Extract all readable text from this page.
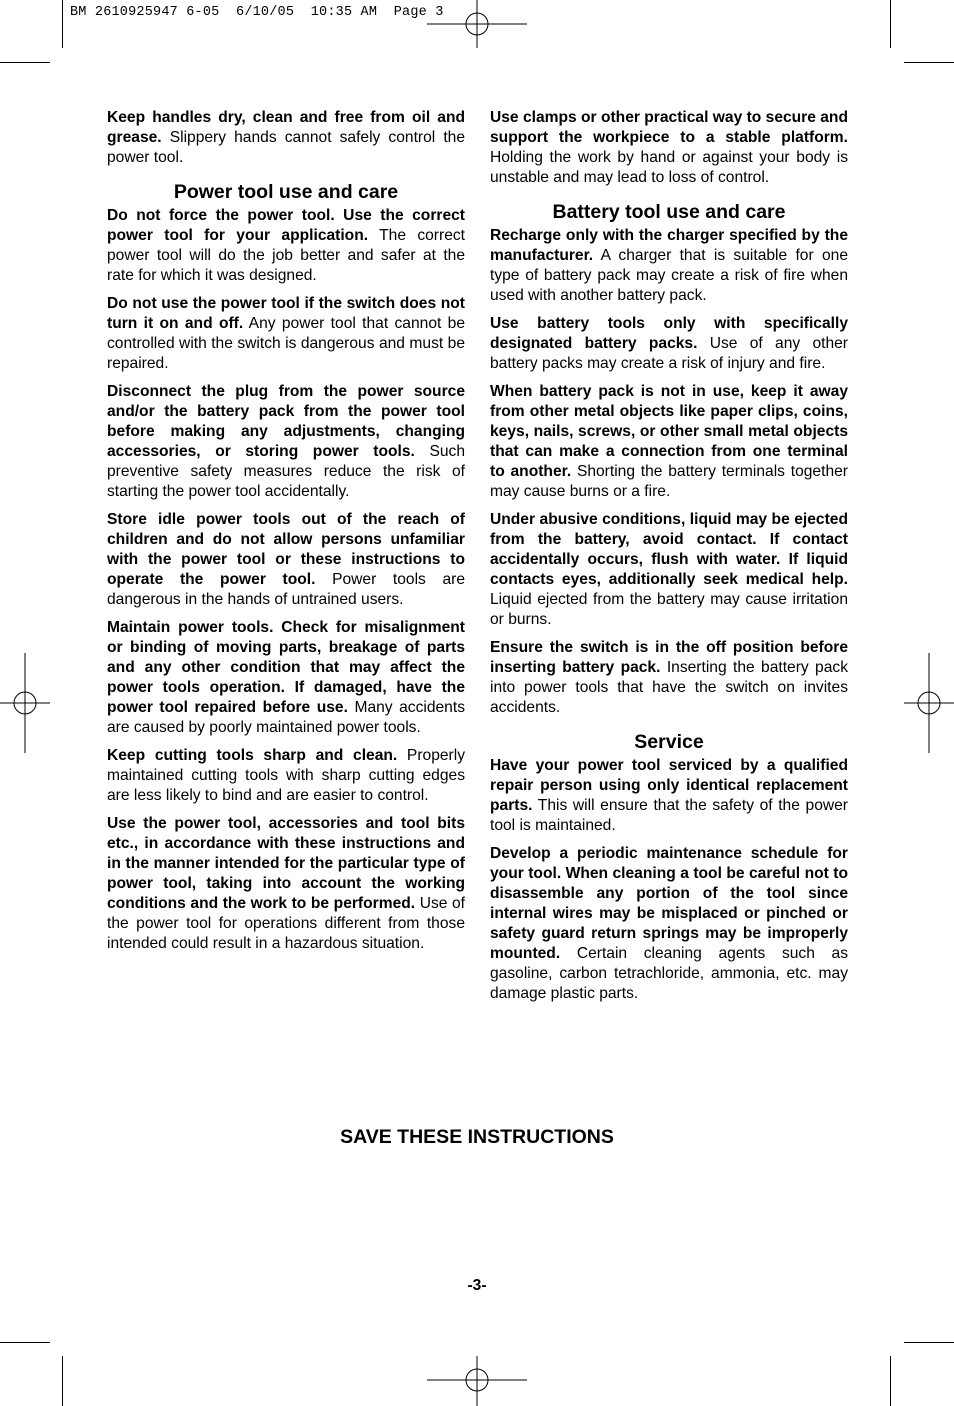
BM 2610925947 6-05  6/10/05  10:35 AM  Page 3

Keep handles dry, clean and free from oil and grease. Slippery hands cannot safely control the power tool.

Power tool use and care

Do not force the power tool. Use the correct power tool for your application. The correct power tool will do the job better and safer at the rate for which it was designed.

Do not use the power tool if the switch does not turn it on and off. Any power tool that cannot be controlled with the switch is dangerous and must be repaired.

Disconnect the plug from the power source and/or the battery pack from the power tool before making any adjustments, changing accessories, or storing power tools. Such preventive safety measures reduce the risk of starting the power tool accidentally.

Store idle power tools out of the reach of children and do not allow persons unfamiliar with the power tool or these instructions to operate the power tool. Power tools are dangerous in the hands of untrained users.

Maintain power tools. Check for misalignment or binding of moving parts, breakage of parts and any other condition that may affect the power tools operation. If damaged, have the power tool repaired before use. Many accidents are caused by poorly maintained power tools.

Keep cutting tools sharp and clean. Properly maintained cutting tools with sharp cutting edges are less likely to bind and are easier to control.

Use the power tool, accessories and tool bits etc., in accordance with these instructions and in the manner intended for the particular type of power tool, taking into account the working conditions and the work to be performed. Use of the power tool for operations different from those intended could result in a hazardous situation.

Use clamps or other practical way to secure and support the workpiece to a stable platform. Holding the work by hand or against your body is unstable and may lead to loss of control.

Battery tool use and care

Recharge only with the charger specified by the manufacturer. A charger that is suitable for one type of battery pack may create a risk of fire when used with another battery pack.

Use battery tools only with specifically designated battery packs. Use of any other battery packs may create a risk of injury and fire.

When battery pack is not in use, keep it away from other metal objects like paper clips, coins, keys, nails, screws, or other small metal objects that can make a connection from one terminal to another. Shorting the battery terminals together may cause burns or a fire.

Under abusive conditions, liquid may be ejected from the battery, avoid contact. If contact accidentally occurs, flush with water. If liquid contacts eyes, additionally seek medical help. Liquid ejected from the battery may cause irritation or burns.

Ensure the switch is in the off position before inserting battery pack. Inserting the battery pack into power tools that have the switch on invites accidents.

Service

Have your power tool serviced by a qualified repair person using only identical replacement parts. This will ensure that the safety of the power tool is maintained.

Develop a periodic maintenance schedule for your tool. When cleaning a tool be careful not to disassemble any portion of the tool since internal wires may be misplaced or pinched or safety guard return springs may be improperly mounted. Certain cleaning agents such as gasoline, carbon tetrachloride, ammonia, etc. may damage plastic parts.

SAVE THESE INSTRUCTIONS
-3-
